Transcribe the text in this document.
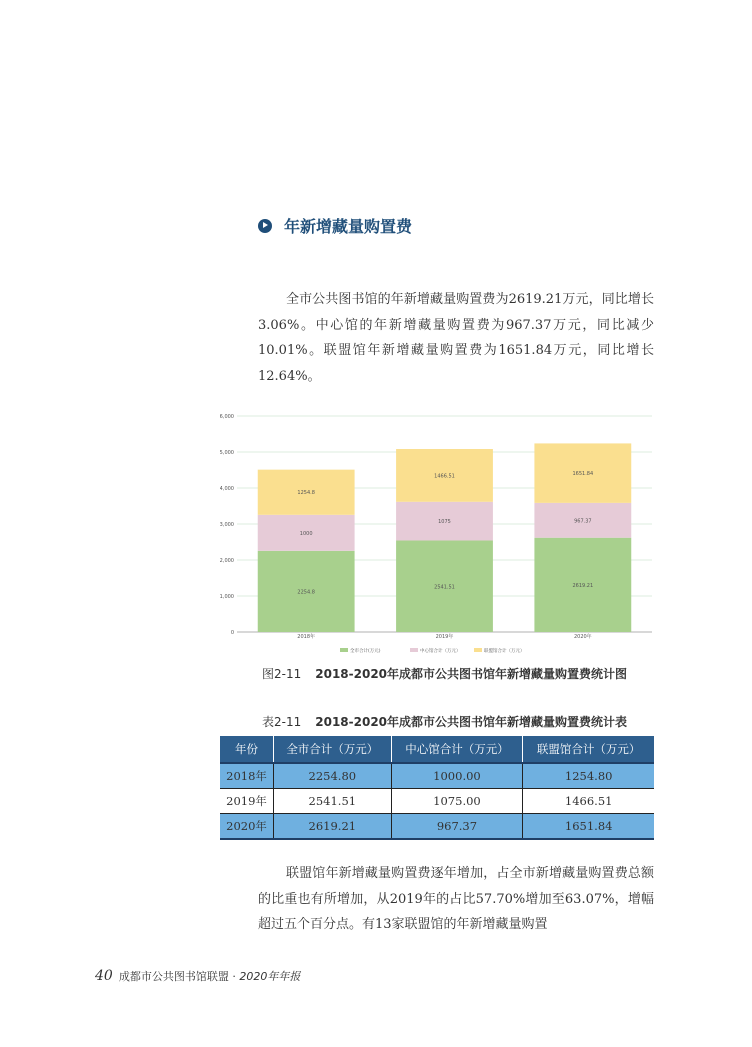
年新增藏量购置费

全市公共图书馆的年新增藏量购置费为2619.21万元，同比增长3.06%。中心馆的年新增藏量购置费为967.37万元，同比减少10.01%。联盟馆年新增藏量购置费为1651.84万元，同比增长12.64%。

0
1,000
2,000
3,000
4,000
5,000
6,000
2254.8
1000
1254.8
2018年
2541.51
1075
1466.51
2019年
2619.21
967.37
1651.84
2020年
全市合计(万元)	中心馆合计（万元）	联盟馆合计（万元）
图2-11 2018-2020年成都市公共图书馆年新增藏量购置费统计图
表2-11 2018-2020年成都市公共图书馆年新增藏量购置费统计表
年份	全市合计（万元）	中心馆合计（万元）	联盟馆合计（万元）
2018年	2254.80	1000.00	1254.80
2019年	2541.51	1075.00	1466.51
2020年	2619.21	967.37	1651.84

联盟馆年新增藏量购置费逐年增加，占全市新增藏量购置费总额的比重也有所增加，从2019年的占比57.70%增加至63.07%，增幅超过五个百分点。有13家联盟馆的年新增藏量购置

40 成都市公共图书馆联盟 · 2020年年报
